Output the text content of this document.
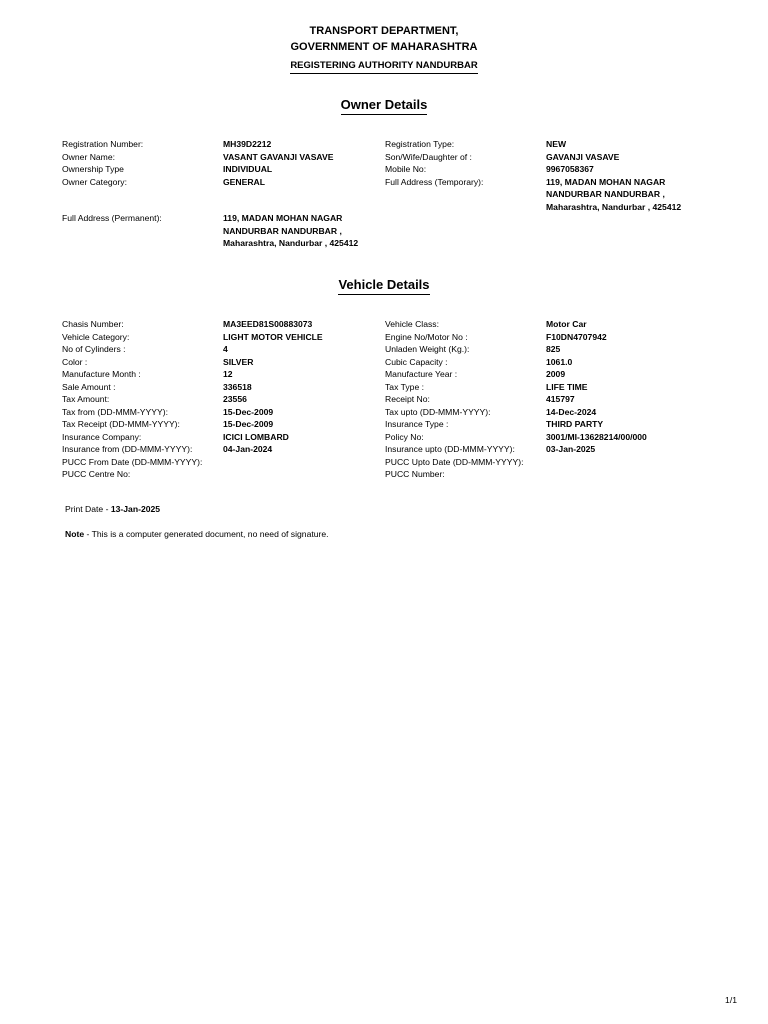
TRANSPORT DEPARTMENT,
GOVERNMENT OF MAHARASHTRA
REGISTERING AUTHORITY NANDURBAR
Owner Details
Registration Number:	MH39D2212	Registration Type:	NEW
Owner Name:	VASANT GAVANJI VASAVE	Son/Wife/Daughter of :	GAVANJI VASAVE
Ownership Type	INDIVIDUAL	Mobile No:	9967058367
Owner Category:	GENERAL	Full Address (Temporary):	119, MADAN MOHAN NAGAR
NANDURBAR NANDURBAR ,
Maharashtra, Nandurbar , 425412
Full Address (Permanent):	119, MADAN MOHAN NAGAR
NANDURBAR NANDURBAR ,
Maharashtra, Nandurbar , 425412
Vehicle Details
Chasis Number:	MA3EED81S00883073	Vehicle Class:	Motor Car
Vehicle Category:	LIGHT MOTOR VEHICLE	Engine No/Motor No :	F10DN4707942
No of Cylinders :	4	Unladen Weight (Kg.):	825
Color :	SILVER	Cubic Capacity :	1061.0
Manufacture Month :	12	Manufacture Year :	2009
Sale Amount :	336518	Tax Type :	LIFE TIME
Tax Amount:	23556	Receipt No:	415797
Tax from (DD-MMM-YYYY):	15-Dec-2009	Tax upto (DD-MMM-YYYY):	14-Dec-2024
Tax Receipt (DD-MMM-YYYY):	15-Dec-2009	Insurance Type :	THIRD PARTY
Insurance Company:	ICICI LOMBARD	Policy No:	3001/MI-13628214/00/000
Insurance from (DD-MMM-YYYY):	04-Jan-2024	Insurance upto (DD-MMM-YYYY):	03-Jan-2025
PUCC From Date (DD-MMM-YYYY):	PUCC Upto Date (DD-MMM-YYYY):
PUCC Centre No:	PUCC Number:
Print Date - 13-Jan-2025
Note - This is a computer generated document, no need of signature.
1/1
